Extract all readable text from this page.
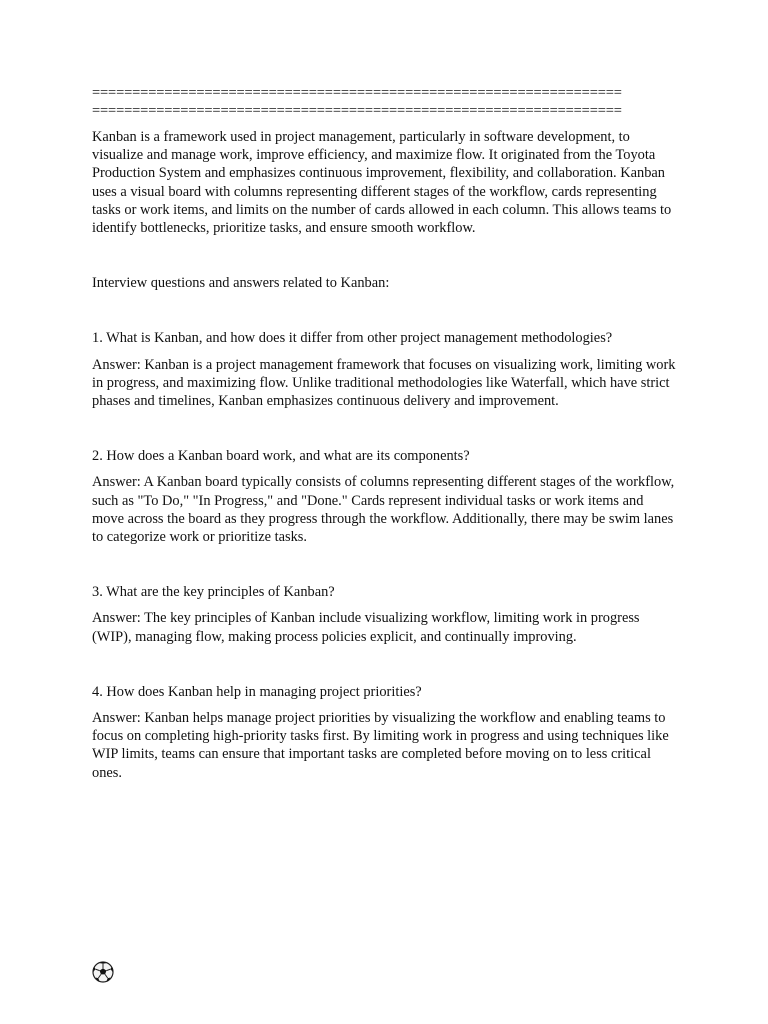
==================================================================
==================================================================

Kanban is a framework used in project management, particularly in software development, to visualize and manage work, improve efficiency, and maximize flow. It originated from the Toyota Production System and emphasizes continuous improvement, flexibility, and collaboration. Kanban uses a visual board with columns representing different stages of the workflow, cards representing tasks or work items, and limits on the number of cards allowed in each column. This allows teams to identify bottlenecks, prioritize tasks, and ensure smooth workflow.

Interview questions and answers related to Kanban:

1. What is Kanban, and how does it differ from other project management methodologies?

Answer: Kanban is a project management framework that focuses on visualizing work, limiting work in progress, and maximizing flow. Unlike traditional methodologies like Waterfall, which have strict phases and timelines, Kanban emphasizes continuous delivery and improvement.

2. How does a Kanban board work, and what are its components?

Answer: A Kanban board typically consists of columns representing different stages of the workflow, such as "To Do," "In Progress," and "Done." Cards represent individual tasks or work items and move across the board as they progress through the workflow. Additionally, there may be swim lanes to categorize work or prioritize tasks.

3. What are the key principles of Kanban?

Answer: The key principles of Kanban include visualizing workflow, limiting work in progress (WIP), managing flow, making process policies explicit, and continually improving.

4. How does Kanban help in managing project priorities?

Answer: Kanban helps manage project priorities by visualizing the workflow and enabling teams to focus on completing high-priority tasks first. By limiting work in progress and using techniques like WIP limits, teams can ensure that important tasks are completed before moving on to less critical ones.
